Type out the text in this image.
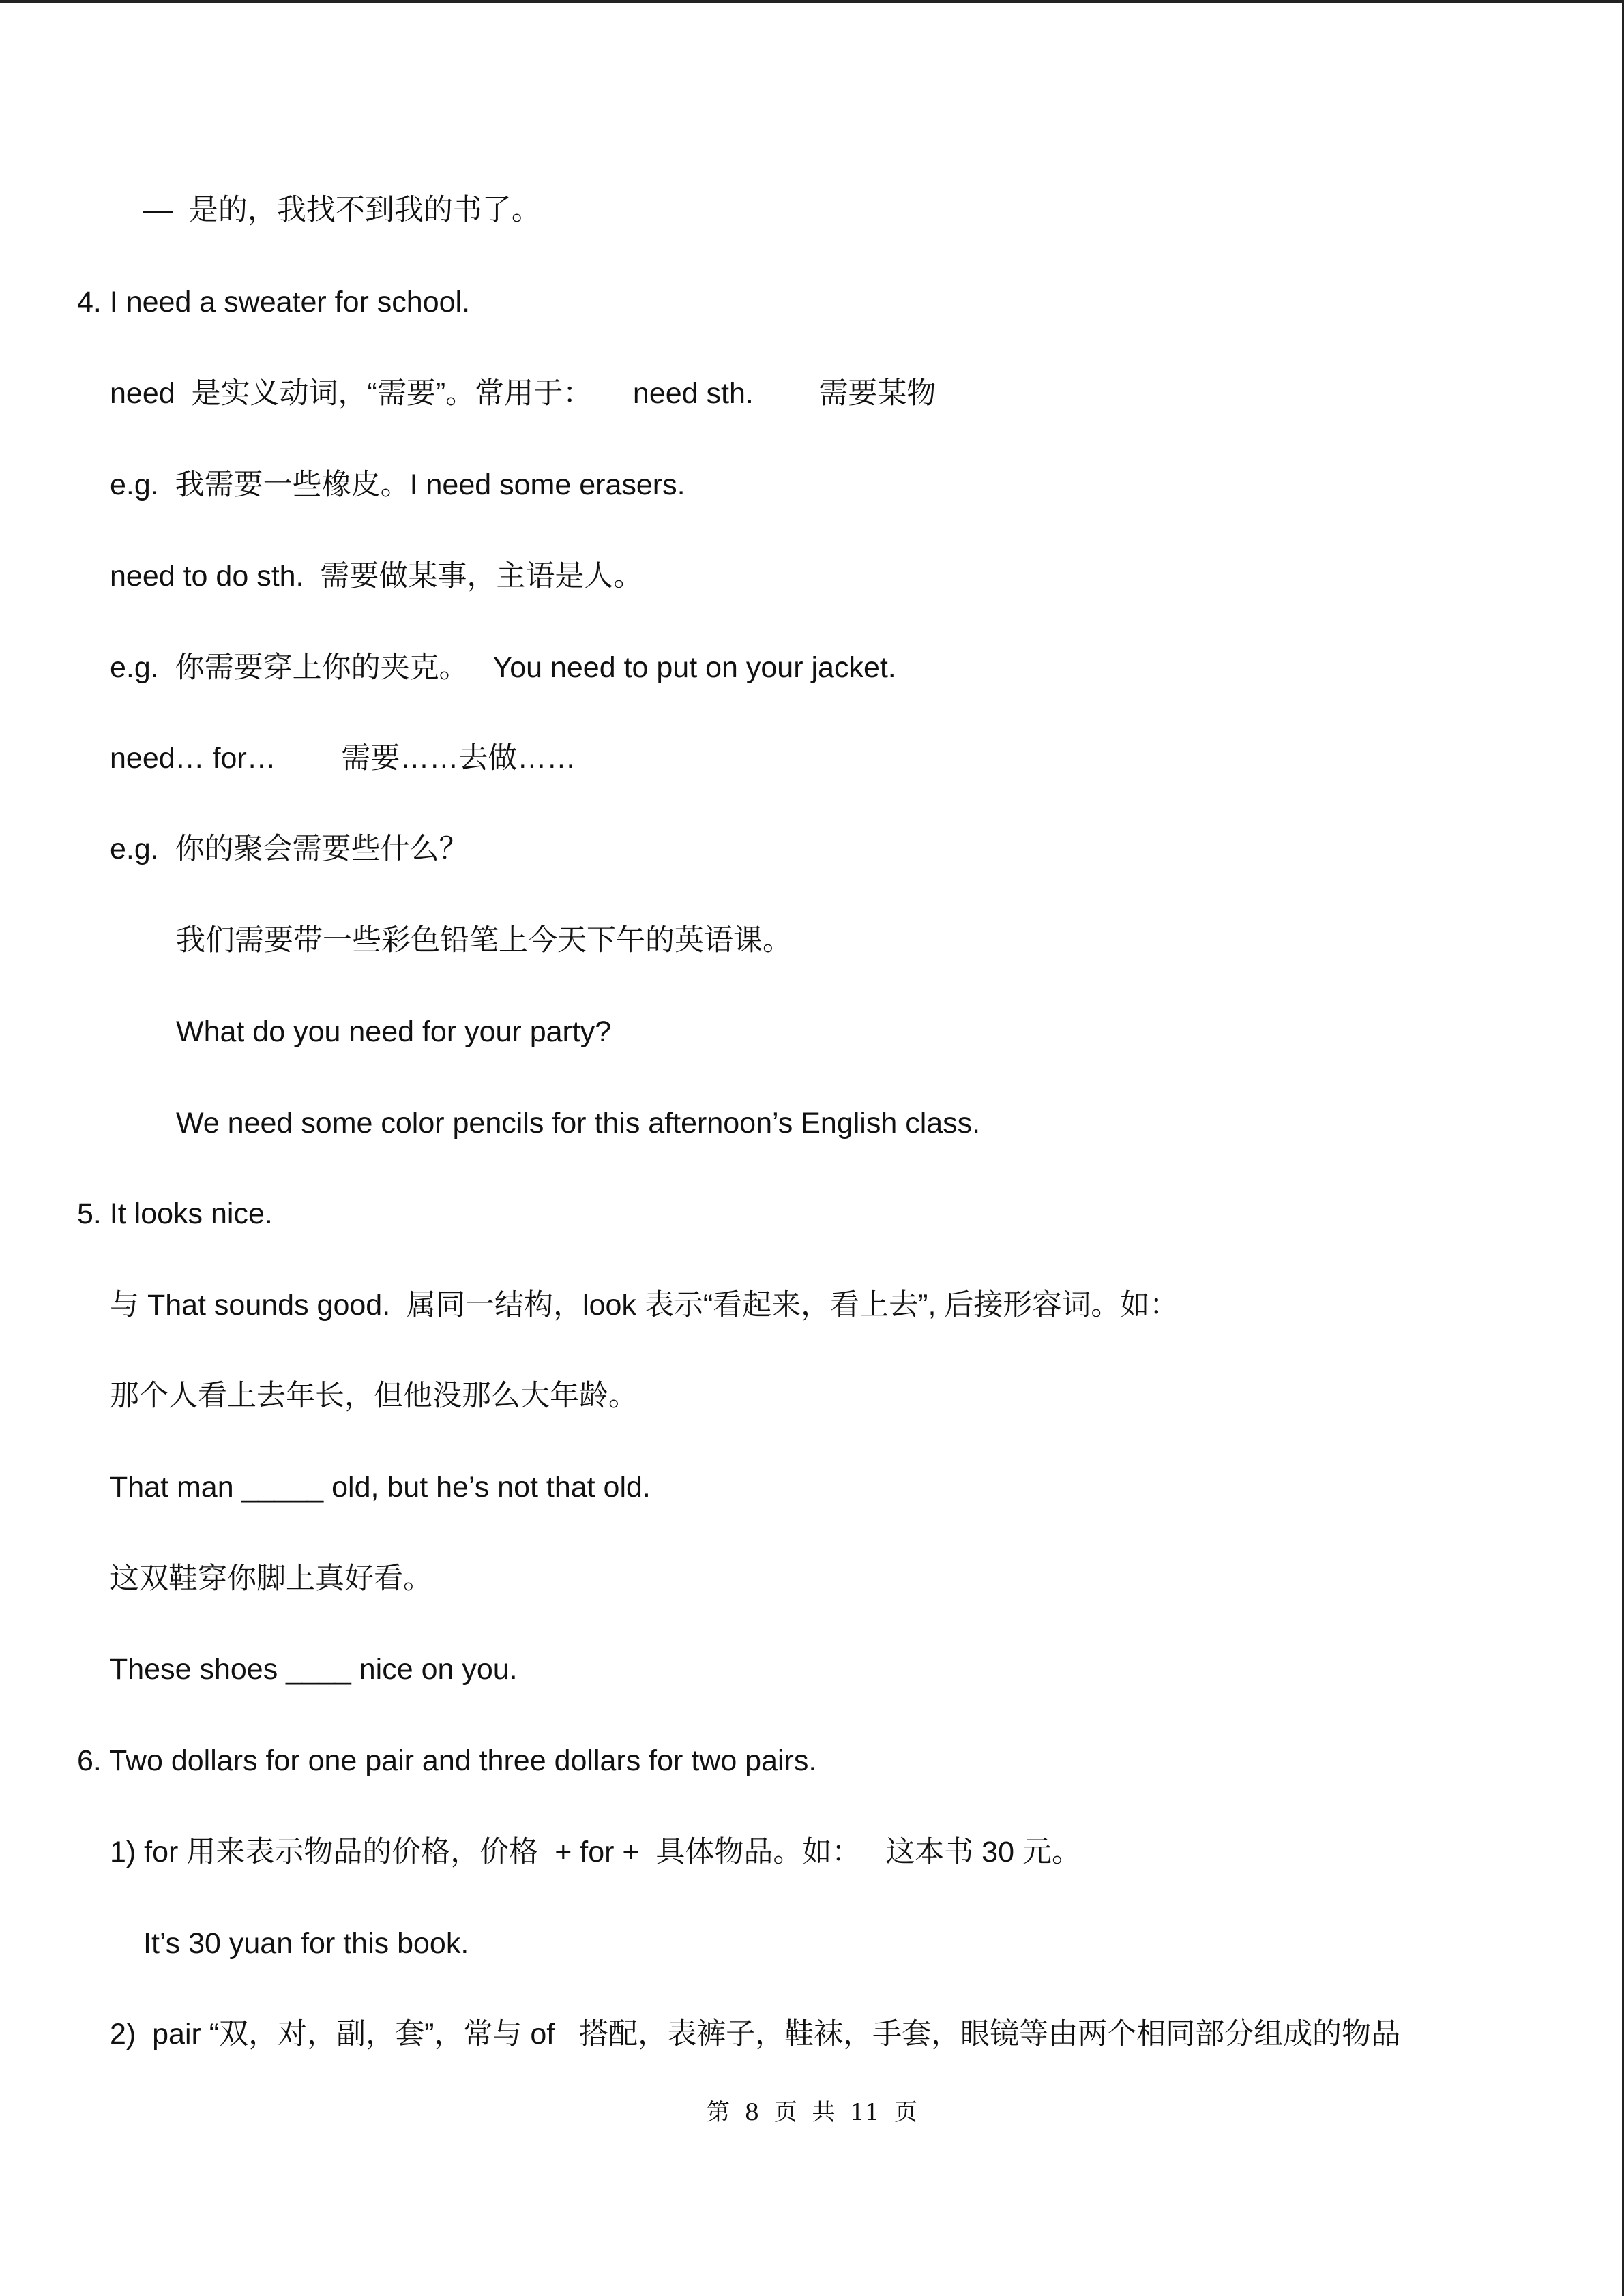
—  是的，我找不到我的书了。
4. I need a sweater for school.
need  是实义动词，“需要”。常用于：     need sth.        需要某物
e.g.  我需要一些橡皮。I need some erasers.
need to do sth.  需要做某事，主语是人。
e.g.  你需要穿上你的夹克。   You need to put on your jacket.
need… for…        需要……去做……
e.g.  你的聚会需要些什么？
我们需要带一些彩色铅笔上今天下午的英语课。
What do you need for your party?
We need some color pencils for this afternoon’s English class.
5. It looks nice.
与 That sounds good.  属同一结构，look 表示“看起来，看上去”, 后接形容词。如：
那个人看上去年长，但他没那么大年龄。
That man _____ old, but he’s not that old.
这双鞋穿你脚上真好看。
These shoes ____ nice on you.
6. Two dollars for one pair and three dollars for two pairs.
1) for 用来表示物品的价格，价格  + for +  具体物品。如：   这本书 30 元。
It’s 30 yuan for this book.
2)  pair “双，对，副，套”，常与 of   搭配，表裤子，鞋袜，手套，眼镜等由两个相同部分组成的物品
第  8  页  共  11  页
